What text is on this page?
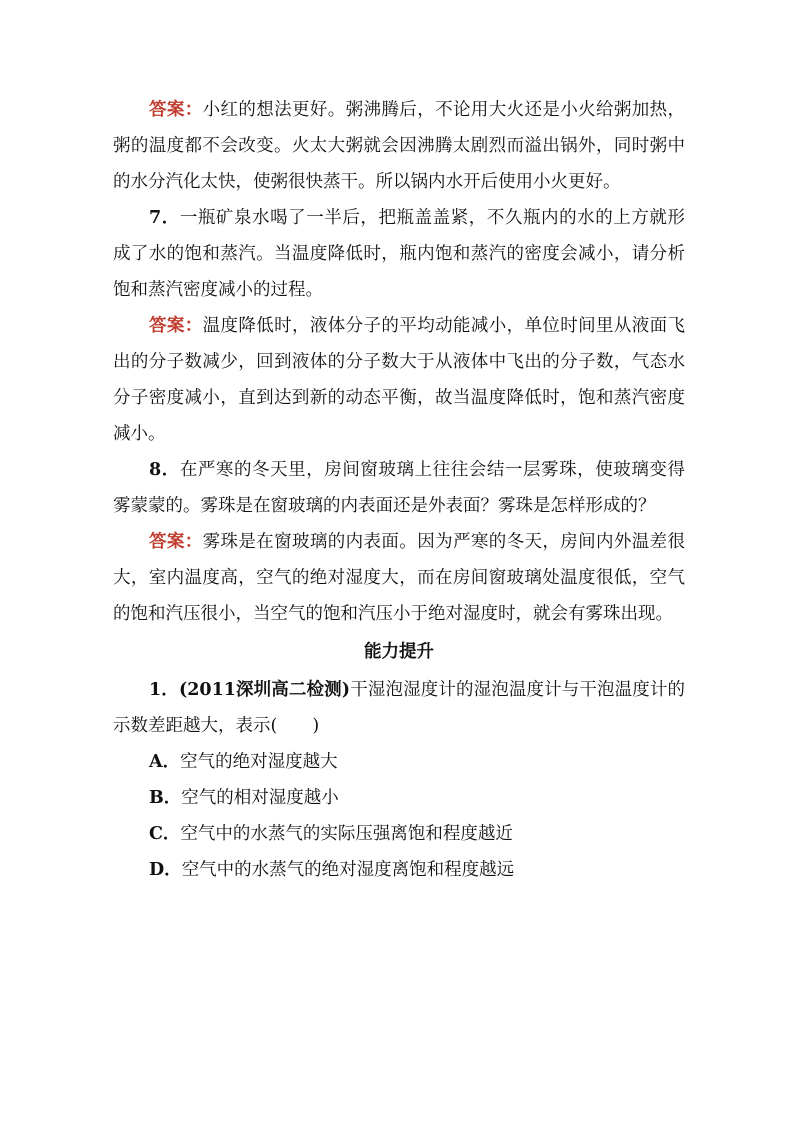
答案：小红的想法更好。粥沸腾后，不论用大火还是小火给粥加热，粥的温度都不会改变。火太大粥就会因沸腾太剧烈而溢出锅外，同时粥中的水分汽化太快，使粥很快蒸干。所以锅内水开后使用小火更好。

7．一瓶矿泉水喝了一半后，把瓶盖盖紧，不久瓶内的水的上方就形成了水的饱和蒸汽。当温度降低时，瓶内饱和蒸汽的密度会减小，请分析饱和蒸汽密度减小的过程。

答案：温度降低时，液体分子的平均动能减小，单位时间里从液面飞出的分子数减少，回到液体的分子数大于从液体中飞出的分子数，气态水分子密度减小，直到达到新的动态平衡，故当温度降低时，饱和蒸汽密度减小。

8．在严寒的冬天里，房间窗玻璃上往往会结一层雾珠，使玻璃变得雾蒙蒙的。雾珠是在窗玻璃的内表面还是外表面？雾珠是怎样形成的？

答案：雾珠是在窗玻璃的内表面。因为严寒的冬天，房间内外温差很大，室内温度高，空气的绝对湿度大，而在房间窗玻璃处温度很低，空气的饱和汽压很小，当空气的饱和汽压小于绝对湿度时，就会有雾珠出现。

能力提升

1．(2011深圳高二检测)干湿泡湿度计的湿泡温度计与干泡温度计的示数差距越大，表示(　　)

A．空气的绝对湿度越大

B．空气的相对湿度越小

C．空气中的水蒸气的实际压强离饱和程度越近

D．空气中的水蒸气的绝对湿度离饱和程度越远
